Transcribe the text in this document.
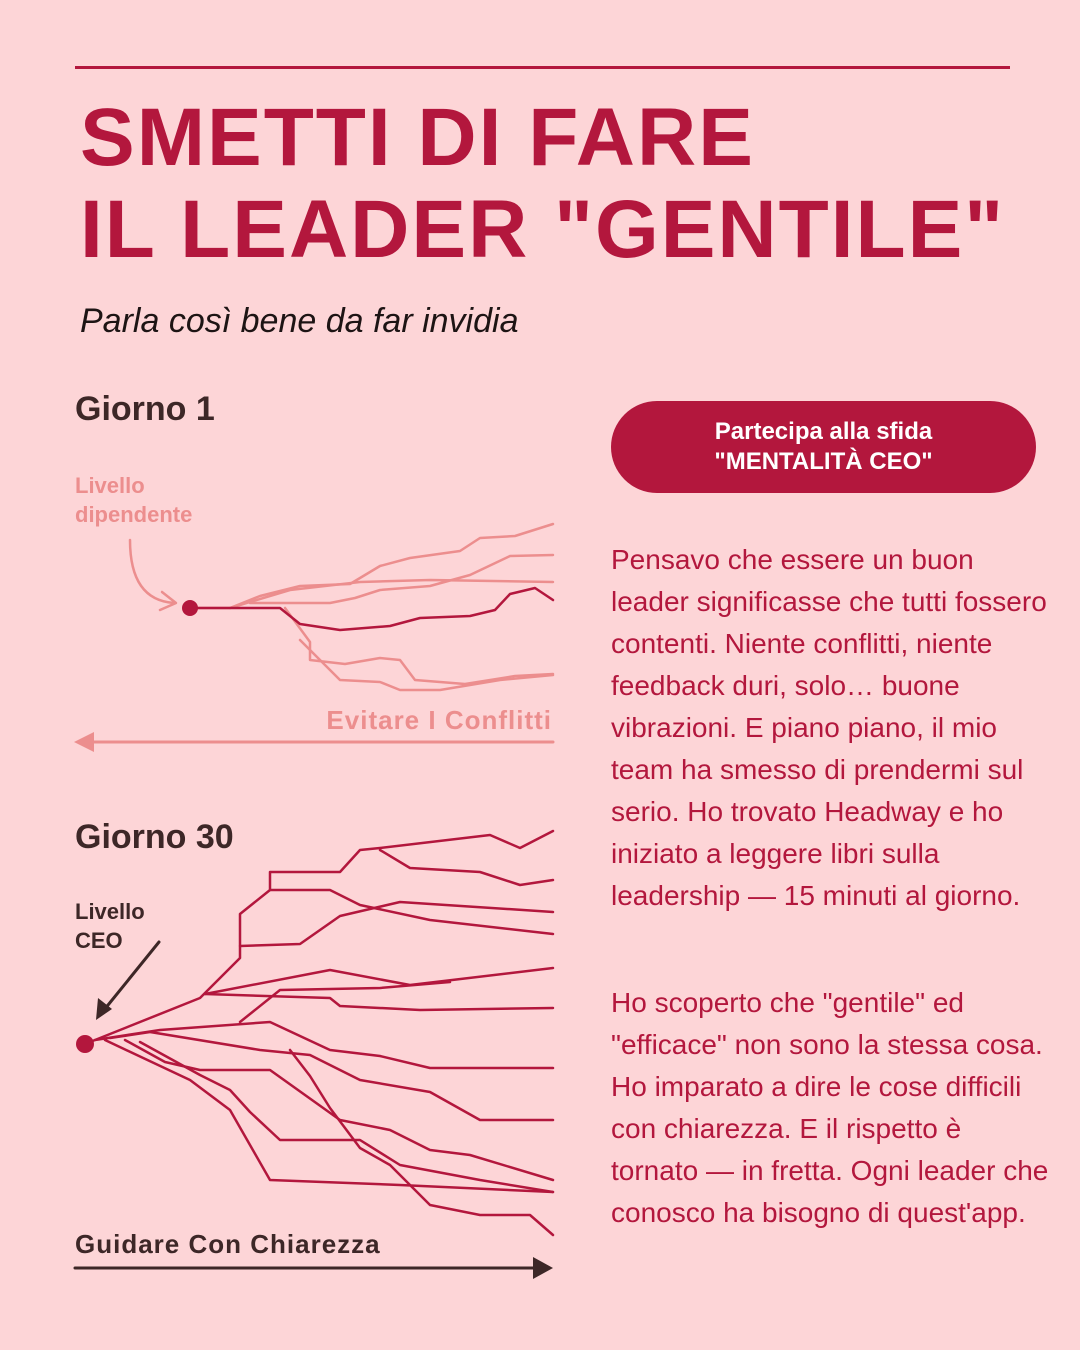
SMETTI DI FARE
IL LEADER "GENTILE"

Parla così bene da far invidia

Giorno 1
Livello
dipendente
Evitare I Conflitti
Giorno 30
Livello
CEO
Guidare Con Chiarezza
Partecipa alla sfida
"MENTALITÀ CEO"

Pensavo che essere un buon leader significasse che tutti fossero contenti. Niente conflitti, niente feedback duri, solo… buone vibrazioni. E piano piano, il mio team ha smesso di prendermi sul serio. Ho trovato Headway e ho iniziato a leggere libri sulla leadership — 15 minuti al giorno.

Ho scoperto che "gentile" ed "efficace" non sono la stessa cosa. Ho imparato a dire le cose difficili con chiarezza. E il rispetto è tornato — in fretta. Ogni leader che conosco ha bisogno di quest'app.
